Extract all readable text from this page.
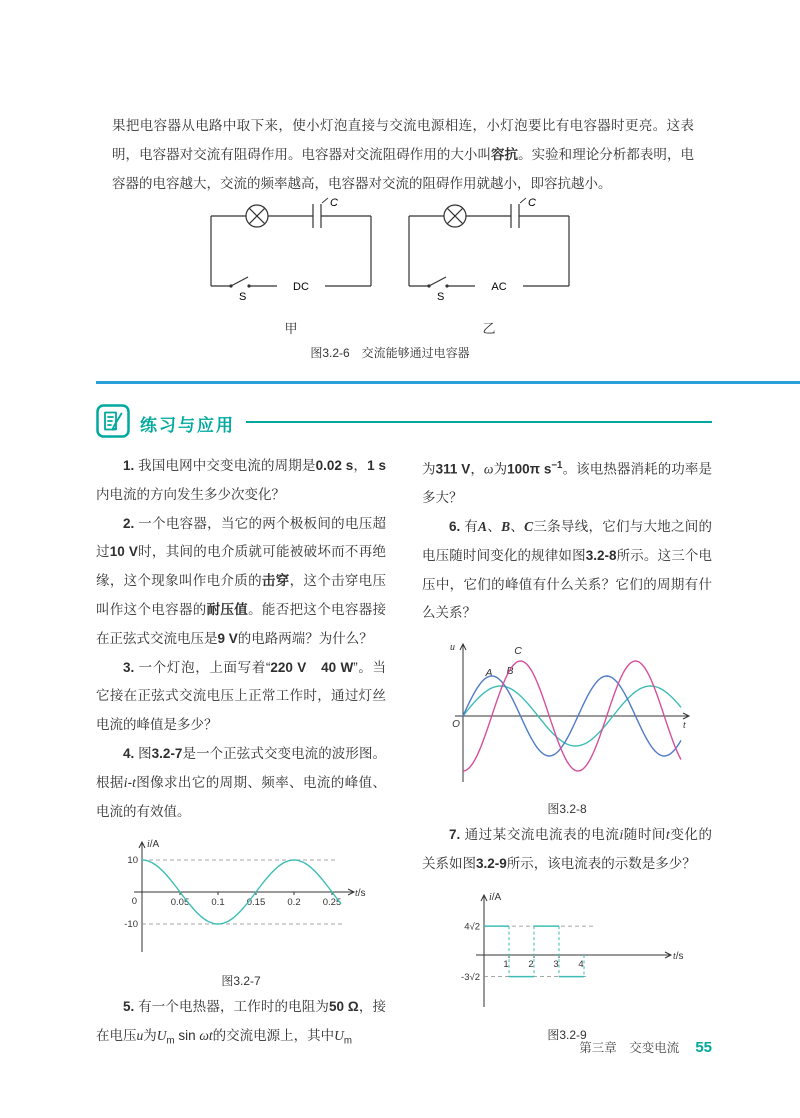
果把电容器从电路中取下来，使小灯泡直接与交流电源相连，小灯泡要比有电容器时更亮。这表明，电容器对交流有阻碍作用。电容器对交流阻碍作用的大小叫容抗。实验和理论分析都表明，电容器的电容越大，交流的频率越高，电容器对交流的阻碍作用就越小，即容抗越小。

C
S
DC
C
S
AC
甲	乙
图3.2-6　交流能够通过电容器
练习与应用

1. 我国电网中交变电流的周期是0.02 s，1 s内电流的方向发生多少次变化？

2. 一个电容器，当它的两个极板间的电压超过10 V时，其间的电介质就可能被破坏而不再绝缘，这个现象叫作电介质的击穿，这个击穿电压叫作这个电容器的耐压值。能否把这个电容器接在正弦式交流电压是9 V的电路两端？为什么？

3. 一个灯泡，上面写着“220 V　40 W”。当它接在正弦式交流电压上正常工作时，通过灯丝电流的峰值是多少？

4. 图3.2-7是一个正弦式交变电流的波形图。根据i-t图像求出它的周期、频率、电流的峰值、电流的有效值。

10
-10
0	0.05 0.1 0.15 0.2 0.25
i/A
t/s
图3.2-7

5. 有一个电热器，工作时的电阻为50 Ω，接在电压u为$U_m$ sin ωt的交流电源上，其中$U_m$

为311 V，ω为100π $s^{-1}$。该电热器消耗的功率是多大？

6. 有A、B、C三条导线，它们与大地之间的电压随时间变化的规律如图3.2-8所示。这三个电压中，它们的峰值有什么关系？它们的周期有什么关系？

O
u
t
A B
C
图3.2-8

7. 通过某交流电流表的电流i随时间t变化的关系如图3.2-9所示，该电流表的示数是多少？

1 2 3 4
4√2
-3√2
i/A
t/s
图3.2-9
第三章　交变电流 55
